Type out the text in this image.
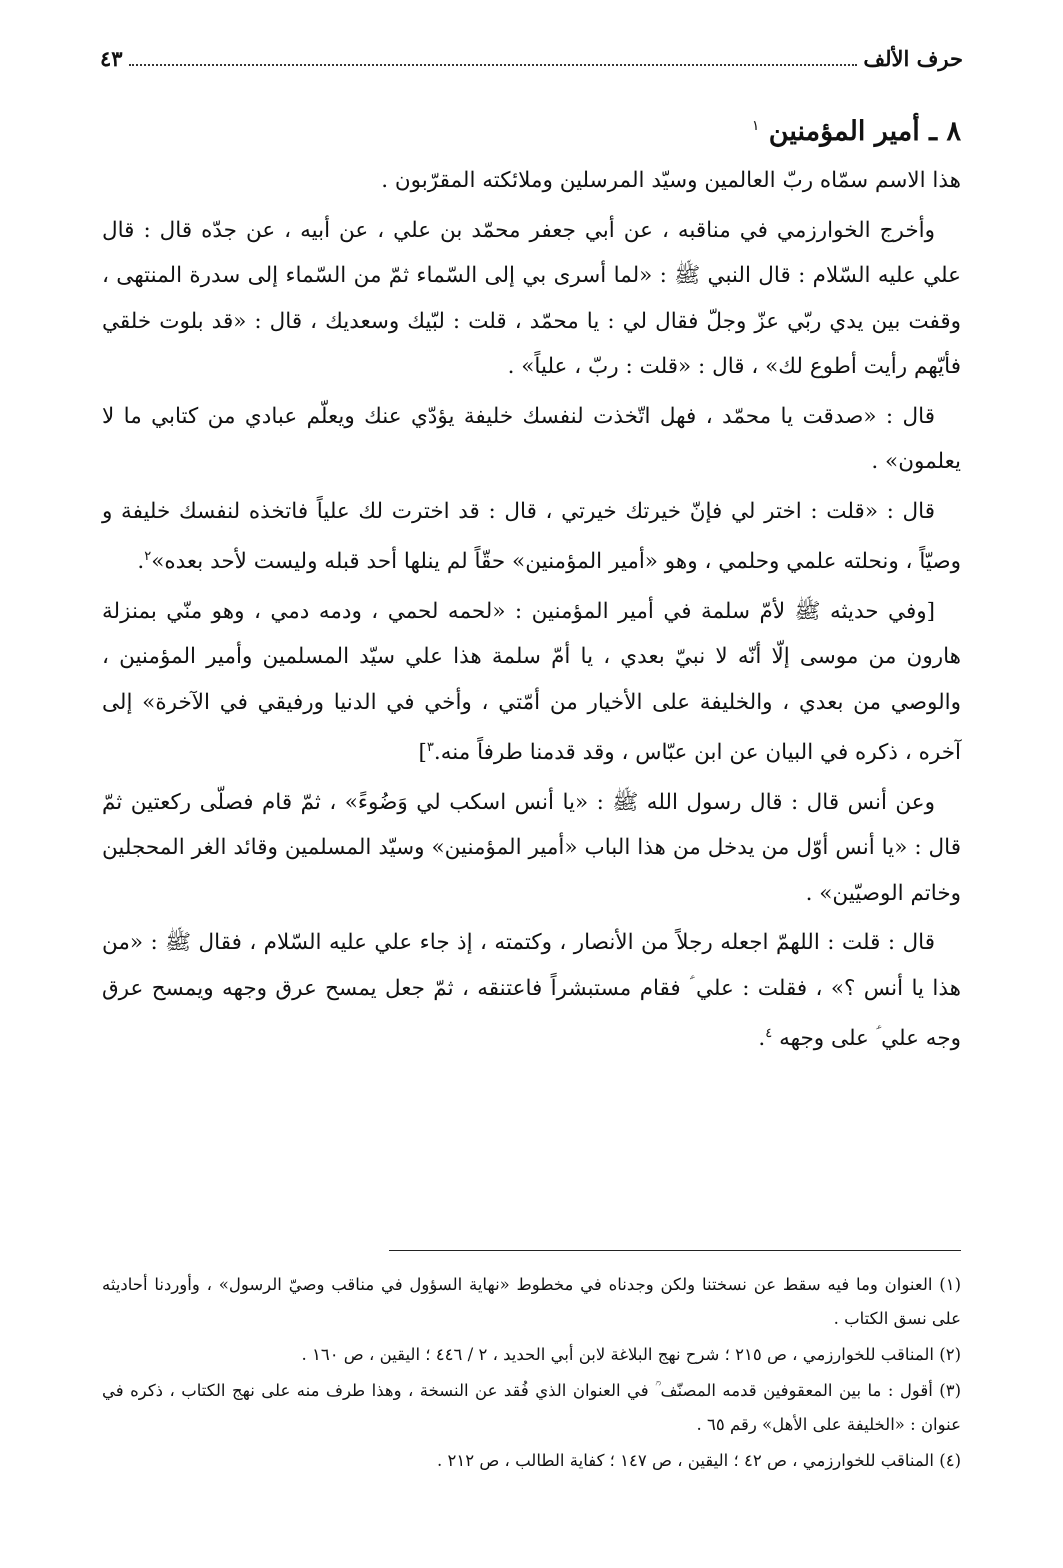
حرف الألف
٤٣
٨ ـ أمير المؤمنين $^١$

هذا الاسم سمّاه ربّ العالمين وسيّد المرسلين وملائكته المقرّبون .

وأخرج الخوارزمي في مناقبه ، عن أبي جعفر محمّد بن علي ، عن أبيه ، عن جدّه قال : قال علي عليه السّلام : قال النبي ﷺ : «لما أسرى بي إلى السّماء ثمّ من السّماء إلى سدرة المنتهى ، وقفت بين يدي ربّي عزّ وجلّ فقال لي : يا محمّد ، قلت : لبّيك وسعديك ، قال : «قد بلوت خلقي فأيّهم رأيت أطوع لك» ، قال : «قلت : ربّ ، علياً» .

قال : «صدقت يا محمّد ، فهل اتّخذت لنفسك خليفة يؤدّي عنك ويعلّم عبادي من كتابي ما لا يعلمون» .

قال : «قلت : اختر لي فإنّ خيرتك خيرتي ، قال : قد اخترت لك علياً فاتخذه لنفسك خليفة و وصيّاً ، ونحلته علمي وحلمي ، وهو «أمير المؤمنين» حقّاً لم ينلها أحد قبله وليست لأحد بعده»$^٢$.

[وفي حديثه ﷺ لأمّ سلمة في أمير المؤمنين : «لحمه لحمي ، ودمه دمي ، وهو منّي بمنزلة هارون من موسى إلّا أنّه لا نبيّ بعدي ، يا أمّ سلمة هذا علي سيّد المسلمين وأمير المؤمنين ، والوصي من بعدي ، والخليفة على الأخيار من أمّتي ، وأخي في الدنيا ورفيقي في الآخرة» إلى آخره ، ذكره في البيان عن ابن عبّاس ، وقد قدمنا طرفاً منه.$^٣$]

وعن أنس قال : قال رسول الله ﷺ : «يا أنس اسكب لي وَضُوءً» ، ثمّ قام فصلّى ركعتين ثمّ قال : «يا أنس أوّل من يدخل من هذا الباب «أمير المؤمنين» وسيّد المسلمين وقائد الغر المحجلين وخاتم الوصيّين» .

قال : قلت : اللهمّ اجعله رجلاً من الأنصار ، وكتمته ، إذ جاء علي عليه السّلام ، فقال ﷺ : «من هذا يا أنس ؟» ، فقلت : علي ؑ فقام مستبشراً فاعتنقه ، ثمّ جعل يمسح عرق وجهه ويمسح عرق وجه علي ؑ على وجهه $^٤$.

(١) العنوان وما فيه سقط عن نسختنا ولكن وجدناه في مخطوط «نهاية السؤول في مناقب وصيّ الرسول» ، وأوردنا أحاديثه على نسق الكتاب .

(٢) المناقب للخوارزمي ، ص ٢١٥ ؛ شرح نهج البلاغة لابن أبي الحديد ، ٢ / ٤٤٦ ؛ اليقين ، ص ١٦٠ .

(٣) أقول : ما بين المعقوفين قدمه المصنّف ؒ في العنوان الذي فُقد عن النسخة ، وهذا طرف منه على نهج الكتاب ، ذكره في عنوان : «الخليفة على الأهل» رقم ٦٥ .

(٤) المناقب للخوارزمي ، ص ٤٢ ؛ اليقين ، ص ١٤٧ ؛ كفاية الطالب ، ص ٢١٢ .
